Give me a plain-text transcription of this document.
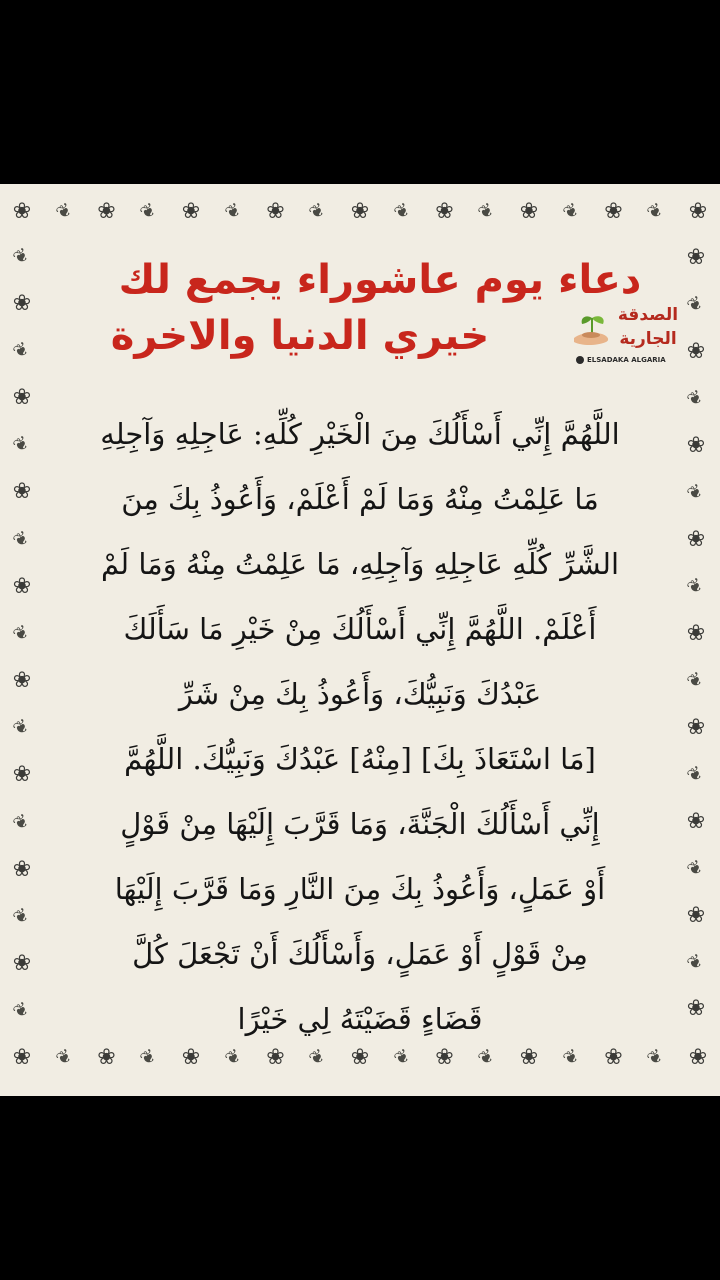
❀ ❦ ❀ ❦ ❀ ❦ ❀ ❦ ❀ ❦ ❀ ❦ ❀ ❦ ❀ ❦ ❀
❦
❀
❦
❀
❦
❀
❦
❀
❦
❀
❦
❀
❦
❀
❦
❀
❦
❀
❦
❀
❦
❀
❦
❀
❦
❀
❦
❀
❦
❀
❦
❀
❦
❀
❀ ❦ ❀ ❦ ❀ ❦ ❀ ❦ ❀ ❦ ❀ ❦ ❀ ❦ ❀ ❦ ❀
دعاء يوم عاشوراء يجمع لك
خيري الدنيا والاخرة	الصدقة
الجارية
ELSADAKA ALGARIA
اللَّهُمَّ إِنِّي أَسْأَلُكَ مِنَ الْخَيْرِ كُلِّهِ: عَاجِلِهِ وَآجِلِهِ
مَا عَلِمْتُ مِنْهُ وَمَا لَمْ أَعْلَمْ، وَأَعُوذُ بِكَ مِنَ
الشَّرِّ كُلِّهِ عَاجِلِهِ وَآجِلِهِ، مَا عَلِمْتُ مِنْهُ وَمَا لَمْ
أَعْلَمْ. اللَّهُمَّ إِنِّي أَسْأَلُكَ مِنْ خَيْرِ مَا سَأَلَكَ
عَبْدُكَ وَنَبِيُّكَ، وَأَعُوذُ بِكَ مِنْ شَرِّ
[مَا اسْتَعَاذَ بِكَ] [مِنْهُ] عَبْدُكَ وَنَبِيُّكَ. اللَّهُمَّ
إِنِّي أَسْأَلُكَ الْجَنَّةَ، وَمَا قَرَّبَ إِلَيْهَا مِنْ قَوْلٍ
أَوْ عَمَلٍ، وَأَعُوذُ بِكَ مِنَ النَّارِ وَمَا قَرَّبَ إِلَيْهَا
مِنْ قَوْلٍ أَوْ عَمَلٍ، وَأَسْأَلُكَ أَنْ تَجْعَلَ كُلَّ
قَضَاءٍ قَضَيْتَهُ لِي خَيْرًا
